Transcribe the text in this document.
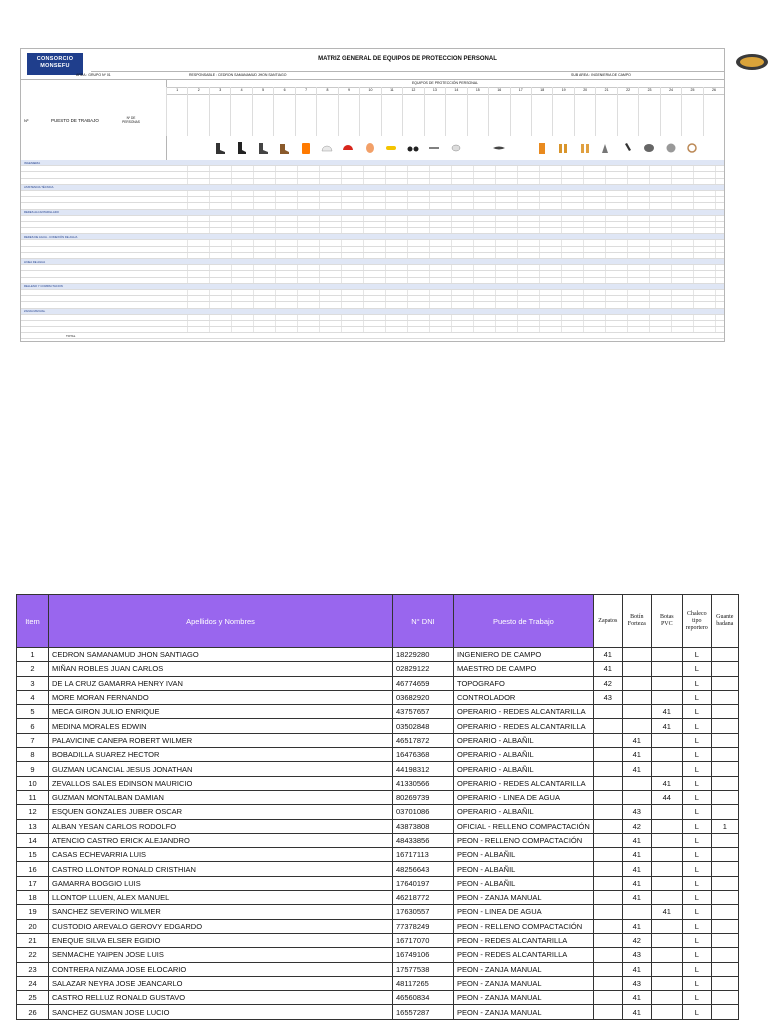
CONSORCIO
MONSEFU
MATRIZ GENERAL DE EQUIPOS DE PROTECCION PERSONAL
AREA : GRUPO Nº 01	RESPONSABLE : CEDRON SAMANAMUD JHON SANTIAGO	SUB AREA : INGENIERIA DE CAMPO
Nº	PUESTO DE TRABAJO	Nº DE PERSONAS
EQUIPOS DE PROTECCIÓN PERSONAL
1	2	3	4	5	6	7	8	9	10	11	12	13	14	15	16	17	18	19	20	21	22	23	24	25	26
INGENIERIA
ASISTENCIA TÉCNICA
REDES ALCANTARILLADO
REDES DE AGUA - CONEXIÓN DE AGUA
LINEA DE AGUA
RELLENO Y COMPACTACION
ZANJA MANUAL
TOTAL
Item	Apellidos y Nombres	N° DNI	Puesto de Trabajo	Zapatos	Botín Forteza	Botas PVC	Chaleco tipo reportero	Guante badana
1	CEDRON SAMANAMUD JHON SANTIAGO	18229280	INGENIERO DE CAMPO	41			L	
2	MIÑAN ROBLES JUAN CARLOS	02829122	MAESTRO DE CAMPO	41			L	
3	DE LA CRUZ GAMARRA HENRY IVAN	46774659	TOPOGRAFO	42			L	
4	MORE MORAN FERNANDO	03682920	CONTROLADOR	43			L	
5	MECA GIRON JULIO ENRIQUE	43757657	OPERARIO - REDES ALCANTARILLA			41	L	
6	MEDINA MORALES EDWIN	03502848	OPERARIO - REDES ALCANTARILLA			41	L	
7	PALAVICINE CANEPA ROBERT WILMER	46517872	OPERARIO - ALBAÑIL		41		L	
8	BOBADILLA SUAREZ HECTOR	16476368	OPERARIO - ALBAÑIL		41		L	
9	GUZMAN UCANCIAL JESUS JONATHAN	44198312	OPERARIO - ALBAÑIL		41		L	
10	ZEVALLOS SALES EDINSON MAURICIO	41330566	OPERARIO - REDES ALCANTARILLA			41	L	
11	GUZMAN MONTALBAN DAMIAN	80269739	OPERARIO - LINEA DE AGUA			44	L	
12	ESQUEN GONZALES JUBER OSCAR	03701086	OPERARIO - ALBAÑIL		43		L	
13	ALBAN YESAN CARLOS RODOLFO	43873808	OFICIAL - RELLENO COMPACTACIÓN		42		L	1
14	ATENCIO CASTRO ERICK ALEJANDRO	48433856	PEON - RELLENO COMPACTACIÓN		41		L	
15	CASAS ECHEVARRIA LUIS	16717113	PEON - ALBAÑIL		41		L	
16	CASTRO LLONTOP RONALD CRISTHIAN	48256643	PEON - ALBAÑIL		41		L	
17	GAMARRA BOGGIO LUIS	17640197	PEON - ALBAÑIL		41		L	
18	LLONTOP LLUEN, ALEX MANUEL	46218772	PEON - ZANJA MANUAL		41		L	
19	SANCHEZ SEVERINO WILMER	17630557	PEON - LINEA DE AGUA			41	L	
20	CUSTODIO AREVALO GEROVY EDGARDO	77378249	PEON - RELLENO COMPACTACIÓN		41		L	
21	ENEQUE SILVA ELSER EGIDIO	16717070	PEON - REDES ALCANTARILLA		42		L	
22	SENMACHE YAIPEN JOSE LUIS	16749106	PEON - REDES ALCANTARILLA		43		L	
23	CONTRERA NIZAMA JOSE ELOCARIO	17577538	PEON - ZANJA MANUAL		41		L	
24	SALAZAR NEYRA JOSE JEANCARLO	48117265	PEON - ZANJA MANUAL		43		L	
25	CASTRO RELLUZ RONALD GUSTAVO	46560834	PEON - ZANJA MANUAL		41		L	
26	SANCHEZ GUSMAN JOSE LUCIO	16557287	PEON - ZANJA MANUAL		41		L	
